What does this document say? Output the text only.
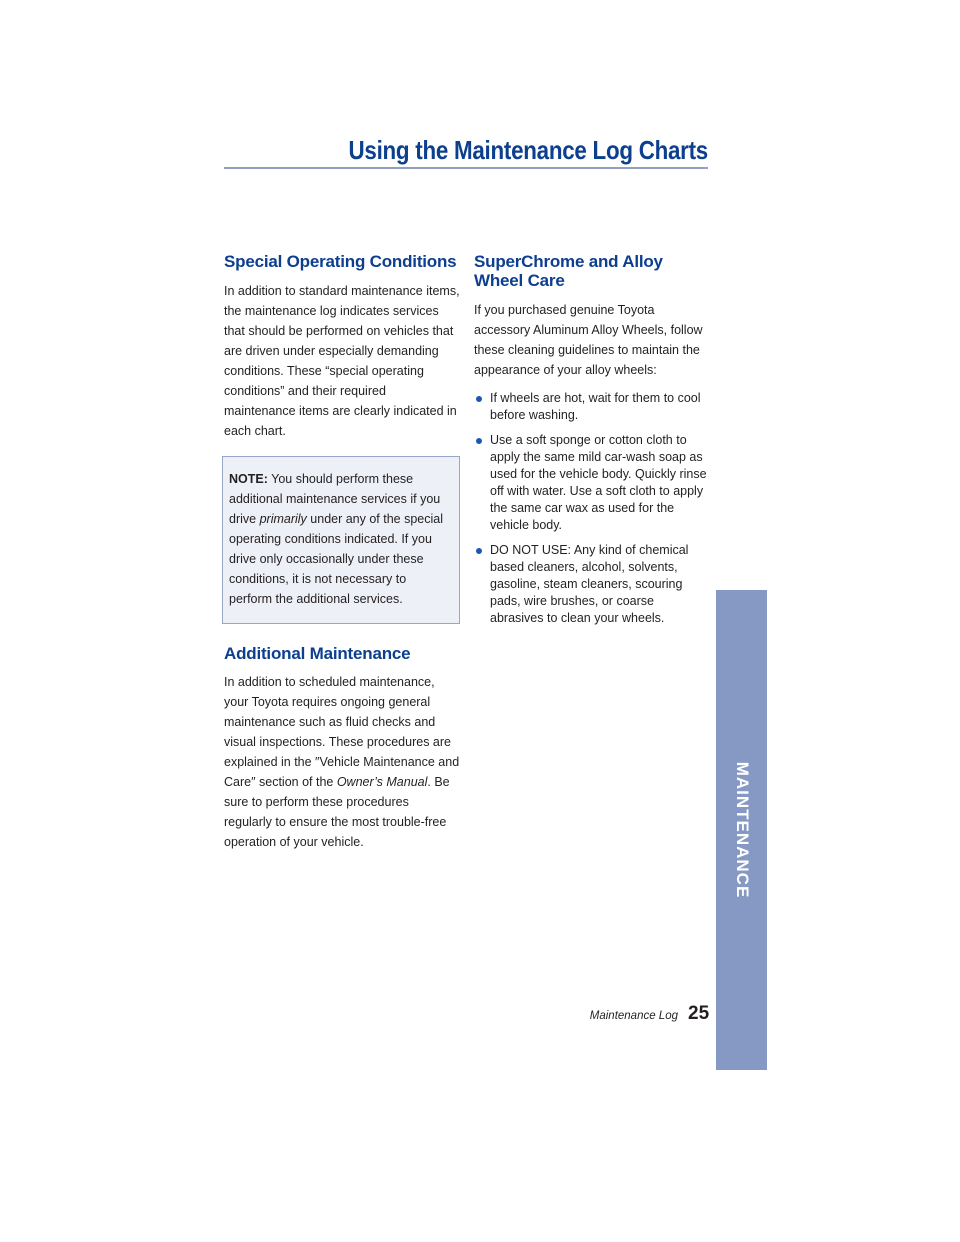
Using the Maintenance Log Charts
Special Operating Conditions

In addition to standard maintenance items, the maintenance log indicates services that should be performed on vehicles that are driven under especially demanding conditions. These “special operating conditions” and their required maintenance items are clearly indicated in each chart.

NOTE: You should perform these additional maintenance services if you drive primarily under any of the special operating conditions indicated. If you drive only occasionally under these conditions, it is not necessary to perform the additional services.

Additional Maintenance

In addition to scheduled maintenance, your Toyota requires ongoing general maintenance such as fluid checks and visual inspections. These procedures are explained in the ″Vehicle Maintenance and Care″ section of the Owner’s Manual. Be sure to perform these procedures regularly to ensure the most trouble-free operation of your vehicle.

SuperChrome and Alloy Wheel Care

If you purchased genuine Toyota accessory Aluminum Alloy Wheels, follow these cleaning guidelines to maintain the appearance of your alloy wheels:

If wheels are hot, wait for them to cool before washing.
Use a soft sponge or cotton cloth to apply the same mild car-wash soap as used for the vehicle body. Quickly rinse off with water. Use a soft cloth to apply the same car wax as used for the vehicle body.
DO NOT USE: Any kind of chemical based cleaners, alcohol, solvents, gasoline, steam cleaners, scouring pads, wire brushes, or coarse abrasives to clean your wheels.
MAINTENANCE
Maintenance Log 25
